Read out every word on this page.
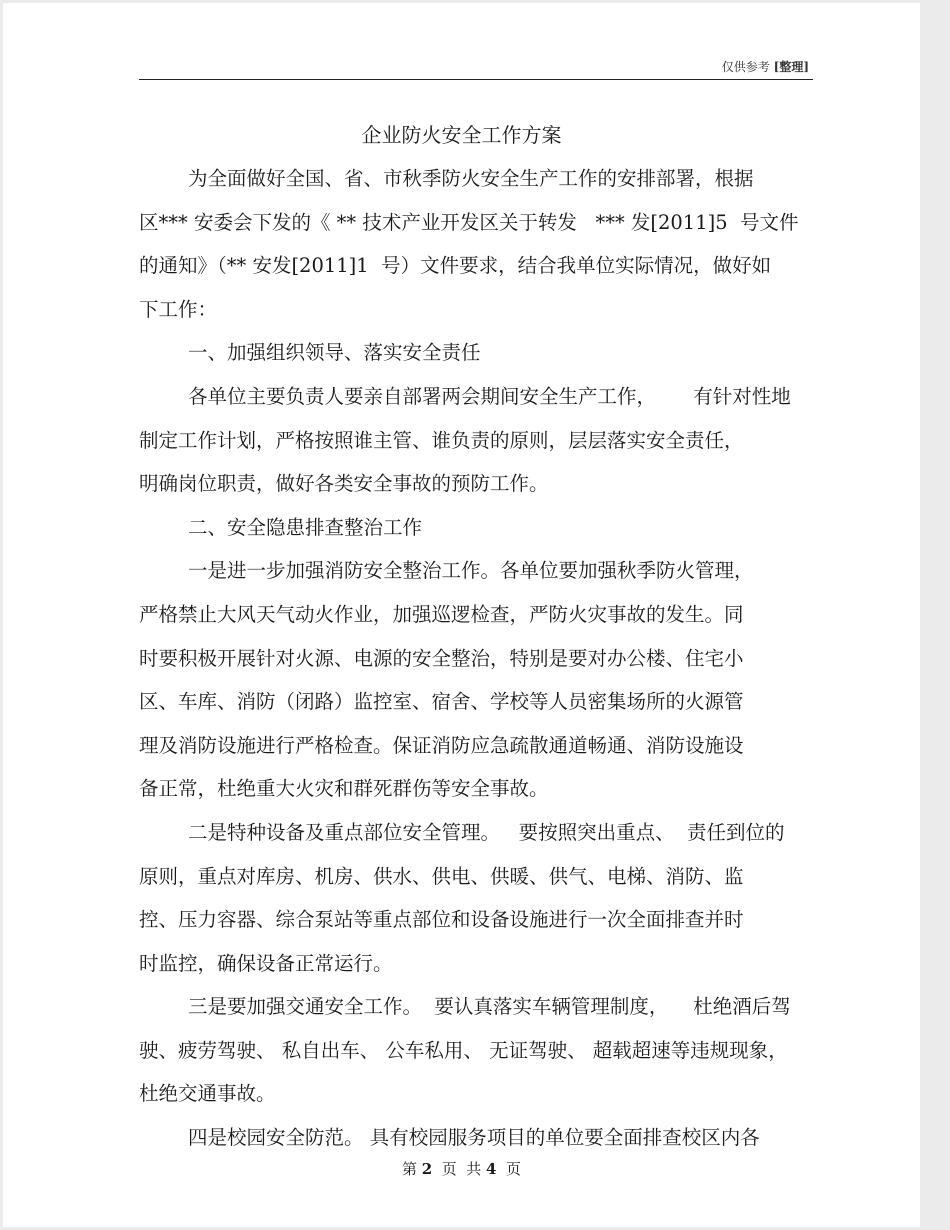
仅供参考 [整理]
企业防火安全工作方案
为全面做好全国、省、市秋季防火安全生产工作的安排部署，根据
区*** 安委会下发的《 ** 技术产业开发区关于转发   *** 发[2011]5  号文件
的通知》（** 安发[2011]1  号）文件要求，结合我单位实际情况，做好如
下工作：
一、加强组织领导、落实安全责任
各单位主要负责人要亲自部署两会期间安全生产工作，      有针对性地
制定工作计划，严格按照谁主管、谁负责的原则，层层落实安全责任，
明确岗位职责，做好各类安全事故的预防工作。
二、安全隐患排查整治工作
一是进一步加强消防安全整治工作。各单位要加强秋季防火管理，
严格禁止大风天气动火作业，加强巡逻检查，严防火灾事故的发生。同
时要积极开展针对火源、电源的安全整治，特别是要对办公楼、住宅小
区、车库、消防（闭路）监控室、宿舍、学校等人员密集场所的火源管
理及消防设施进行严格检查。保证消防应急疏散通道畅通、消防设施设
备正常，杜绝重大火灾和群死群伤等安全事故。
二是特种设备及重点部位安全管理。   要按照突出重点、  责任到位的
原则，重点对库房、机房、供水、供电、供暖、供气、电梯、消防、监
控、压力容器、综合泵站等重点部位和设备设施进行一次全面排查并时
时监控，确保设备正常运行。
三是要加强交通安全工作。  要认真落实车辆管理制度，    杜绝酒后驾
驶、疲劳驾驶、 私自出车、 公车私用、 无证驾驶、 超载超速等违规现象，
杜绝交通事故。
四是校园安全防范。 具有校园服务项目的单位要全面排查校区内各
第 2  页  共 4  页
